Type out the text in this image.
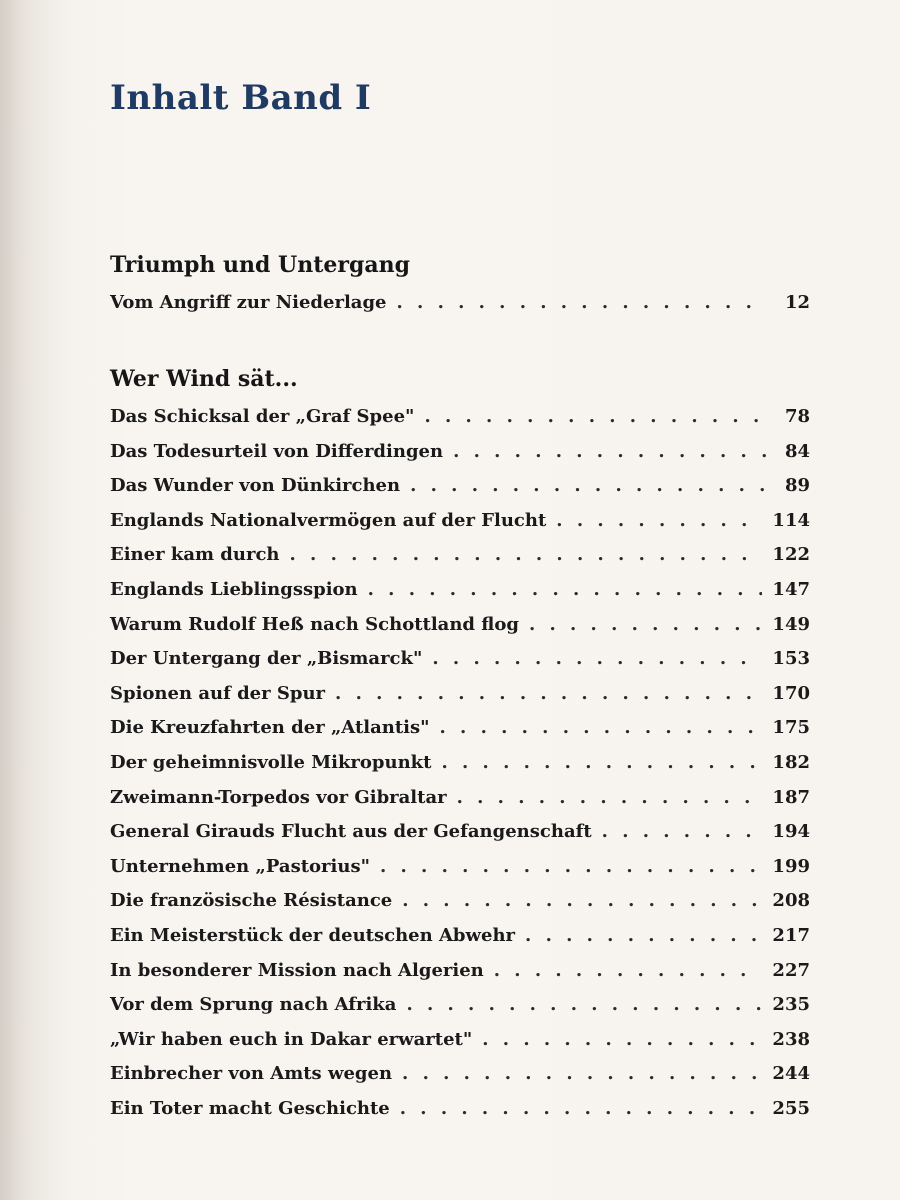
Inhalt Band I
Triumph und Untergang
Vom Angriff zur Niederlage . . .	12
Wer Wind sät...
Das Schicksal der „Graf Spee" . . .	78
Das Todesurteil von Differdingen . . .	84
Das Wunder von Dünkirchen . . .	89
Englands Nationalvermögen auf der Flucht . . .	114
Einer kam durch . . .	122
Englands Lieblingsspion . . .	147
Warum Rudolf Heß nach Schottland flog . . .	149
Der Untergang der „Bismarck" . . .	153
Spionen auf der Spur . . .	170
Die Kreuzfahrten der „Atlantis" . . .	175
Der geheimnisvolle Mikropunkt . . .	182
Zweimann-Torpedos vor Gibraltar . . .	187
General Girauds Flucht aus der Gefangenschaft . . .	194
Unternehmen „Pastorius" . . .	199
Die französische Résistance . . .	208
Ein Meisterstück der deutschen Abwehr . . .	217
In besonderer Mission nach Algerien . . .	227
Vor dem Sprung nach Afrika . . .	235
„Wir haben euch in Dakar erwartet" . . .	238
Einbrecher von Amts wegen . . .	244
Ein Toter macht Geschichte . . .	255
